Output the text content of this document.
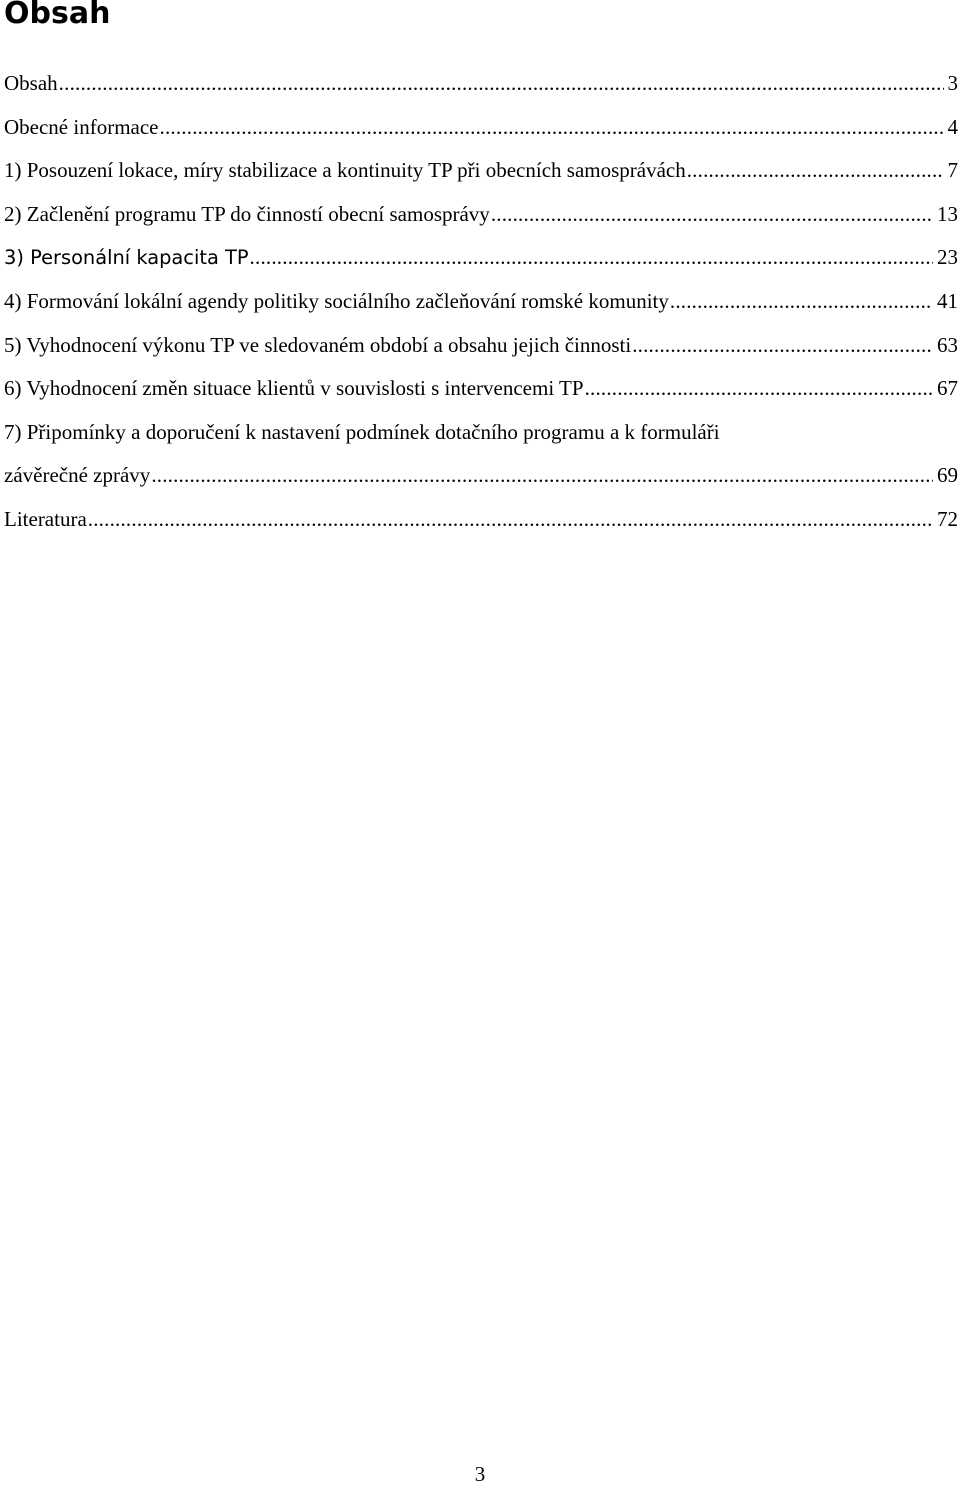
Obsah
Obsah .....	3
Obecné informace .....	4
1) Posouzení lokace, míry stabilizace a kontinuity TP při obecních samosprávách .....	7
2) Začlenění programu TP do činností obecní samosprávy .....	13
3) Personální kapacita TP .....	23
4) Formování lokální agendy politiky sociálního začleňování romské komunity .....	41
5) Vyhodnocení výkonu TP ve sledovaném období a obsahu jejich činnosti .....	63
6) Vyhodnocení změn situace klientů v souvislosti s intervencemi TP .....	67
7) Připomínky a doporučení k nastavení podmínek dotačního programu a k formuláři
závěrečné zprávy .....	69
Literatura .....	72
3
